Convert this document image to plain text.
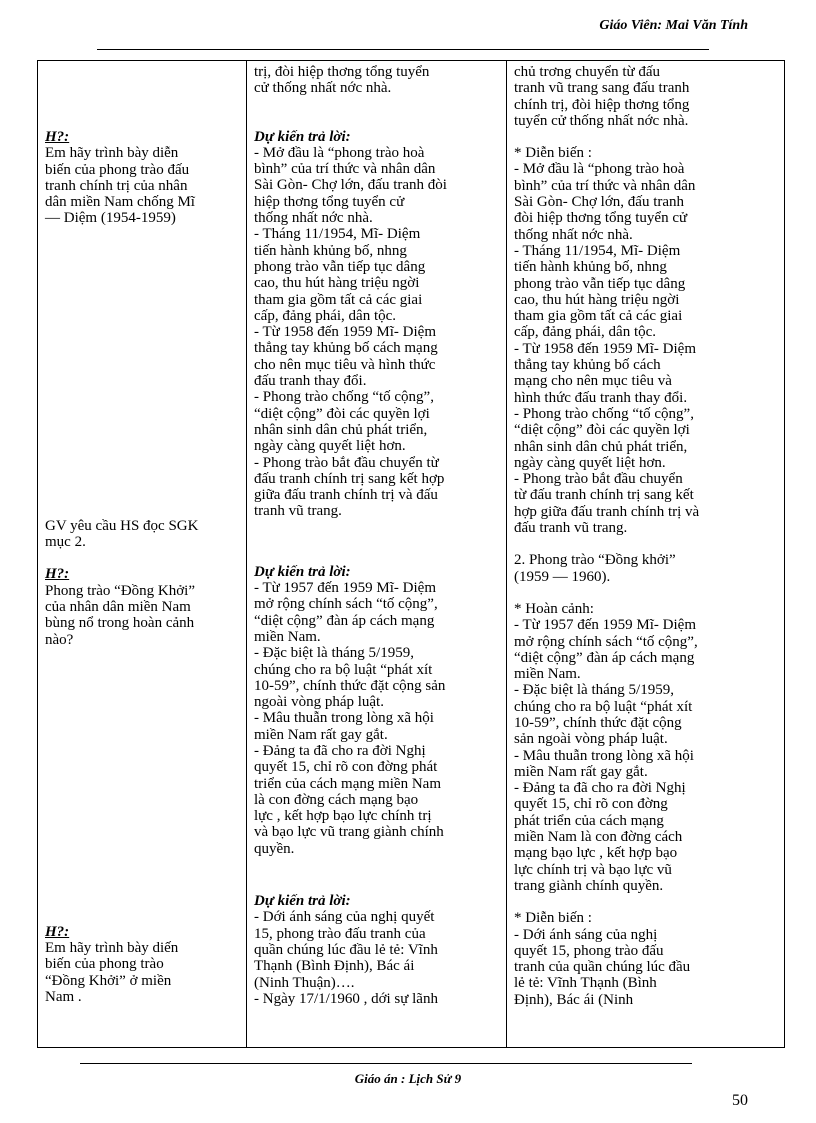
Giáo Viên: Mai Văn Tính
H?:
Em hãy trình bày diễn
biến của phong trào đấu
tranh chính trị của nhân
dân miền Nam chống Mĩ
— Diệm (1954-1959)
GV yêu cầu HS đọc SGK
mục 2.
H?:
Phong trào “Đồng Khởi”
của nhân dân miền Nam
bùng nổ trong hoàn cảnh
nào?
H?:
Em hãy trình bày diến
biến của phong trào
“Đồng Khởi” ở miền
Nam .

trị, đòi hiệp thơng tổng tuyển
cử thống nhất nớc nhà.
Dự kiến trả lời:
- Mở đầu là “phong trào hoà
bình” của trí thức và nhân dân
Sài Gòn- Chợ lớn, đấu tranh đòi
hiệp thơng tổng tuyển cử
thống nhất nớc nhà.
- Tháng 11/1954, Mĩ- Diệm
tiến hành khủng bố, nhng
phong trào vẫn tiếp tục dâng
cao, thu hút hàng triệu ngời
tham gia gồm tất cả các giai
cấp, đảng phái, dân tộc.
- Từ 1958 đến 1959 Mĩ- Diệm
thẳng tay khủng bố cách mạng
cho nên mục tiêu và hình thức
đấu tranh thay đổi.
- Phong trào chống “tố cộng”,
“diệt cộng” đòi các quyền lợi
nhân sinh dân chủ phát triển,
ngày càng quyết liệt hơn.
- Phong trào bắt đầu chuyển từ
đấu tranh chính trị sang kết hợp
giữa đấu tranh chính trị và đấu
tranh vũ trang.
Dự kiến trả lời:
- Từ 1957 đến 1959 Mĩ- Diệm
mở rộng chính sách “tố cộng”,
“diệt cộng” đàn áp cách mạng
miền Nam.
- Đặc biệt là tháng 5/1959,
chúng cho ra bộ luật “phát xít
10-59”, chính thức đặt cộng sản
ngoài vòng pháp luật.
- Mâu thuẫn trong lòng xã hội
miền Nam rất gay gắt.
- Đảng ta đã cho ra đời Nghị
quyết 15, chỉ rõ con đờng phát
triển của cách mạng miền Nam
là con đờng cách mạng bạo
lực , kết hợp bạo lực chính trị
và bạo lực vũ trang giành chính
quyền.
Dự kiến trả lời:
- Dới ánh sáng của nghị quyết
15, phong trào đấu tranh của
quần chúng lúc đầu lẻ tẻ: Vĩnh
Thạnh (Bình Định), Bác ái
(Ninh Thuận)….
- Ngày 17/1/1960 , dới sự lãnh

chủ trơng chuyển từ đấu
tranh vũ trang sang đấu tranh
chính trị, đòi hiệp thơng tổng
tuyển cử thống nhất nớc nhà.
* Diễn biến :
- Mở đầu là “phong trào hoà
bình” của trí thức và nhân dân
Sài Gòn- Chợ lớn, đấu tranh
đòi hiệp thơng tổng tuyển cử
thống nhất nớc nhà.
- Tháng 11/1954, Mĩ- Diệm
tiến hành khủng bố, nhng
phong trào vẫn tiếp tục dâng
cao, thu hút hàng triệu ngời
tham gia gồm tất cả các giai
cấp, đảng phái, dân tộc.
- Từ 1958 đến 1959 Mĩ- Diệm
thẳng tay khủng bố cách
mạng cho nên mục tiêu và
hình thức đấu tranh thay đổi.
- Phong trào chống “tố cộng”,
“diệt cộng” đòi các quyền lợi
nhân sinh dân chủ phát triển,
ngày càng quyết liệt hơn.
- Phong trào bắt đầu chuyển
từ đấu tranh chính trị sang kết
hợp giữa đấu tranh chính trị và
đấu tranh vũ trang.
2. Phong trào “Đồng khởi”
(1959 — 1960).
* Hoàn cảnh:
- Từ 1957 đến 1959 Mĩ- Diệm
mở rộng chính sách “tố cộng”,
“diệt cộng” đàn áp cách mạng
miền Nam.
- Đặc biệt là tháng 5/1959,
chúng cho ra bộ luật “phát xít
10-59”, chính thức đặt cộng
sản ngoài vòng pháp luật.
- Mâu thuẫn trong lòng xã hội
miền Nam rất gay gắt.
- Đảng ta đã cho ra đời Nghị
quyết 15, chỉ rõ con đờng
phát triển của cách mạng
miền Nam là con đờng cách
mạng bạo lực , kết hợp bạo
lực chính trị và bạo lực vũ
trang giành chính quyền.
* Diễn biến :
- Dới ánh sáng của nghị
quyết 15, phong trào đấu
tranh của quần chúng lúc đầu
lẻ tẻ: Vĩnh Thạnh (Bình
Định), Bác ái (Ninh
Giáo án : Lịch Sử 9
50
